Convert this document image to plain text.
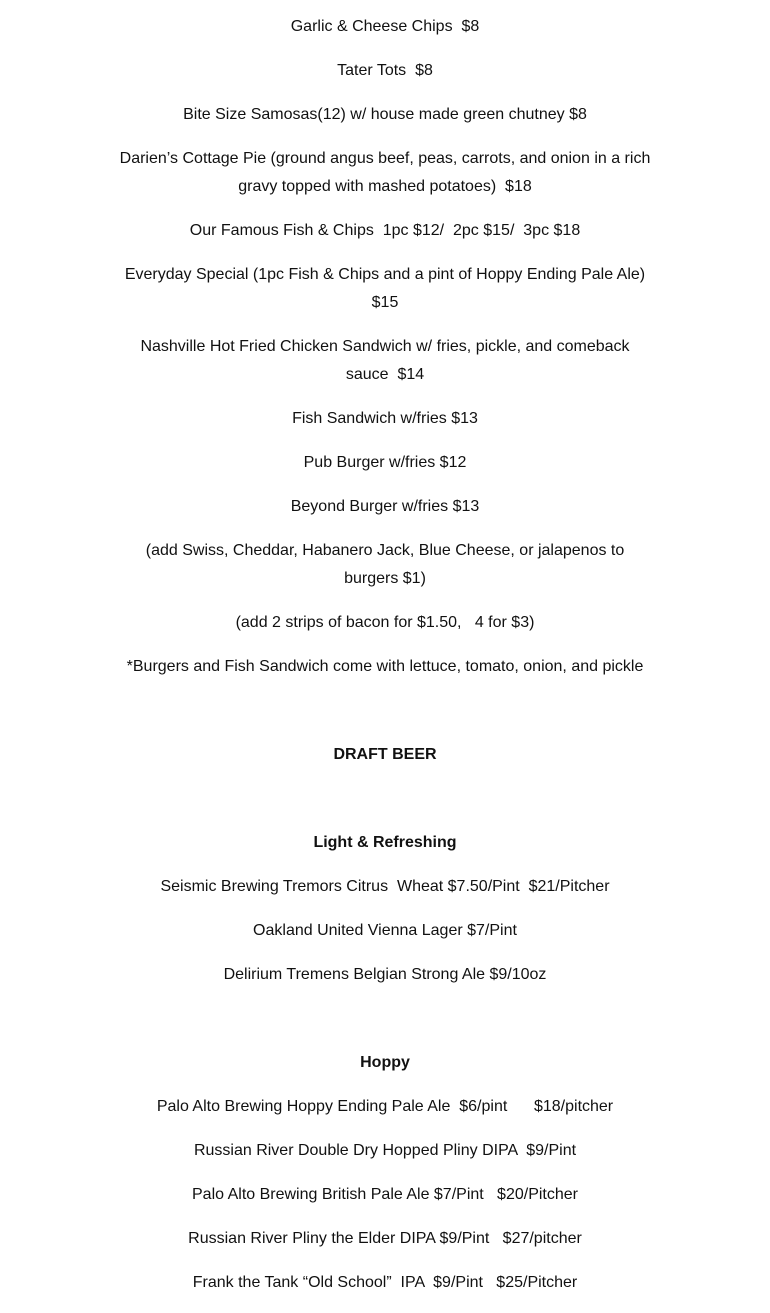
Garlic & Cheese Chips  $8
Tater Tots  $8
Bite Size Samosas(12) w/ house made green chutney $8
Darien’s Cottage Pie (ground angus beef, peas, carrots, and onion in a rich gravy topped with mashed potatoes)  $18
Our Famous Fish & Chips  1pc $12/  2pc $15/  3pc $18
Everyday Special (1pc Fish & Chips and a pint of Hoppy Ending Pale Ale) $15
Nashville Hot Fried Chicken Sandwich w/ fries, pickle, and comeback sauce  $14
Fish Sandwich w/fries $13
Pub Burger w/fries $12
Beyond Burger w/fries $13
(add Swiss, Cheddar, Habanero Jack, Blue Cheese, or jalapenos to burgers $1)
(add 2 strips of bacon for $1.50,   4 for $3)
*Burgers and Fish Sandwich come with lettuce, tomato, onion, and pickle
DRAFT BEER
Light & Refreshing
Seismic Brewing Tremors Citrus  Wheat $7.50/Pint  $21/Pitcher
Oakland United Vienna Lager $7/Pint
Delirium Tremens Belgian Strong Ale $9/10oz
Hoppy
Palo Alto Brewing Hoppy Ending Pale Ale  $6/pint      $18/pitcher
Russian River Double Dry Hopped Pliny DIPA  $9/Pint
Palo Alto Brewing British Pale Ale $7/Pint   $20/Pitcher
Russian River Pliny the Elder DIPA $9/Pint   $27/pitcher
Frank the Tank “Old School”  IPA  $9/Pint   $25/Pitcher
